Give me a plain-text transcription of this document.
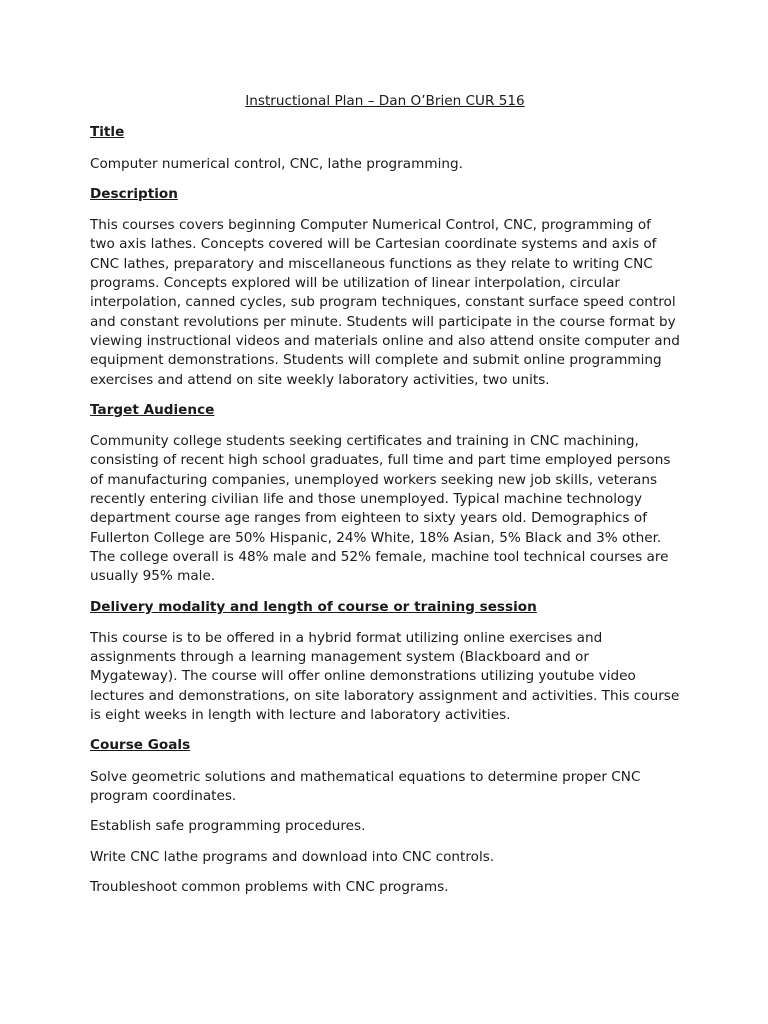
Instructional Plan – Dan O’Brien CUR 516
Title

Computer numerical control, CNC, lathe programming.

Description

This courses covers beginning Computer Numerical Control, CNC, programming of two axis lathes. Concepts covered will be Cartesian coordinate systems and axis of CNC lathes, preparatory and miscellaneous functions as they relate to writing CNC programs. Concepts explored will be utilization of linear interpolation, circular interpolation, canned cycles, sub program techniques, constant surface speed control and constant revolutions per minute. Students will participate in the course format by viewing instructional videos and materials online and also attend onsite computer and equipment demonstrations. Students will complete and submit online programming exercises and attend on site weekly laboratory activities, two units.

Target Audience

Community college students seeking certificates and training in CNC machining, consisting of recent high school graduates, full time and part time employed persons of manufacturing companies, unemployed workers seeking new job skills, veterans recently entering civilian life and those unemployed. Typical machine technology department course age ranges from eighteen to sixty years old. Demographics of Fullerton College are 50% Hispanic, 24% White, 18% Asian, 5% Black and 3% other. The college overall is 48% male and 52% female, machine tool technical courses are usually 95% male.

Delivery modality and length of course or training session

This course is to be offered in a hybrid format utilizing online exercises and assignments through a learning management system (Blackboard and or Mygateway). The course will offer online demonstrations utilizing youtube video lectures and demonstrations, on site laboratory assignment and activities. This course is eight weeks in length with lecture and laboratory activities.

Course Goals

Solve geometric solutions and mathematical equations to determine proper CNC program coordinates.

Establish safe programming procedures.

Write CNC lathe programs and download into CNC controls.

Troubleshoot common problems with CNC programs.
